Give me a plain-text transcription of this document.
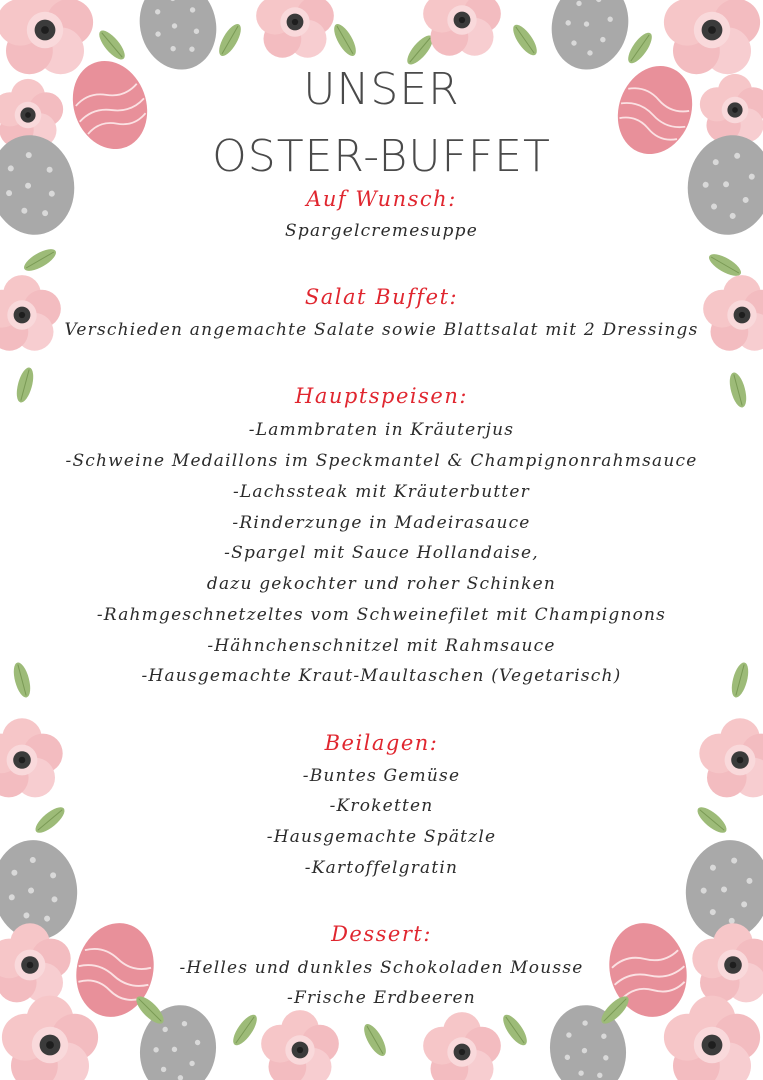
UNSER
OSTER-BUFFET
Auf Wunsch:
Spargelcremesuppe
Salat Buffet:
Verschieden angemachte Salate sowie Blattsalat mit 2 Dressings
Hauptspeisen:
-Lammbraten in Kräuterjus
-Schweine Medaillons im Speckmantel & Champignonrahmsauce
-Lachssteak mit Kräuterbutter
-Rinderzunge in Madeirasauce
-Spargel mit Sauce Hollandaise,
dazu gekochter und roher Schinken
-Rahmgeschnetzeltes vom Schweinefilet mit Champignons
-Hähnchenschnitzel mit Rahmsauce
-Hausgemachte Kraut-Maultaschen (Vegetarisch)
Beilagen:
-Buntes Gemüse
-Kroketten
-Hausgemachte Spätzle
-Kartoffelgratin
Dessert:
-Helles und dunkles Schokoladen Mousse
-Frische Erdbeeren
